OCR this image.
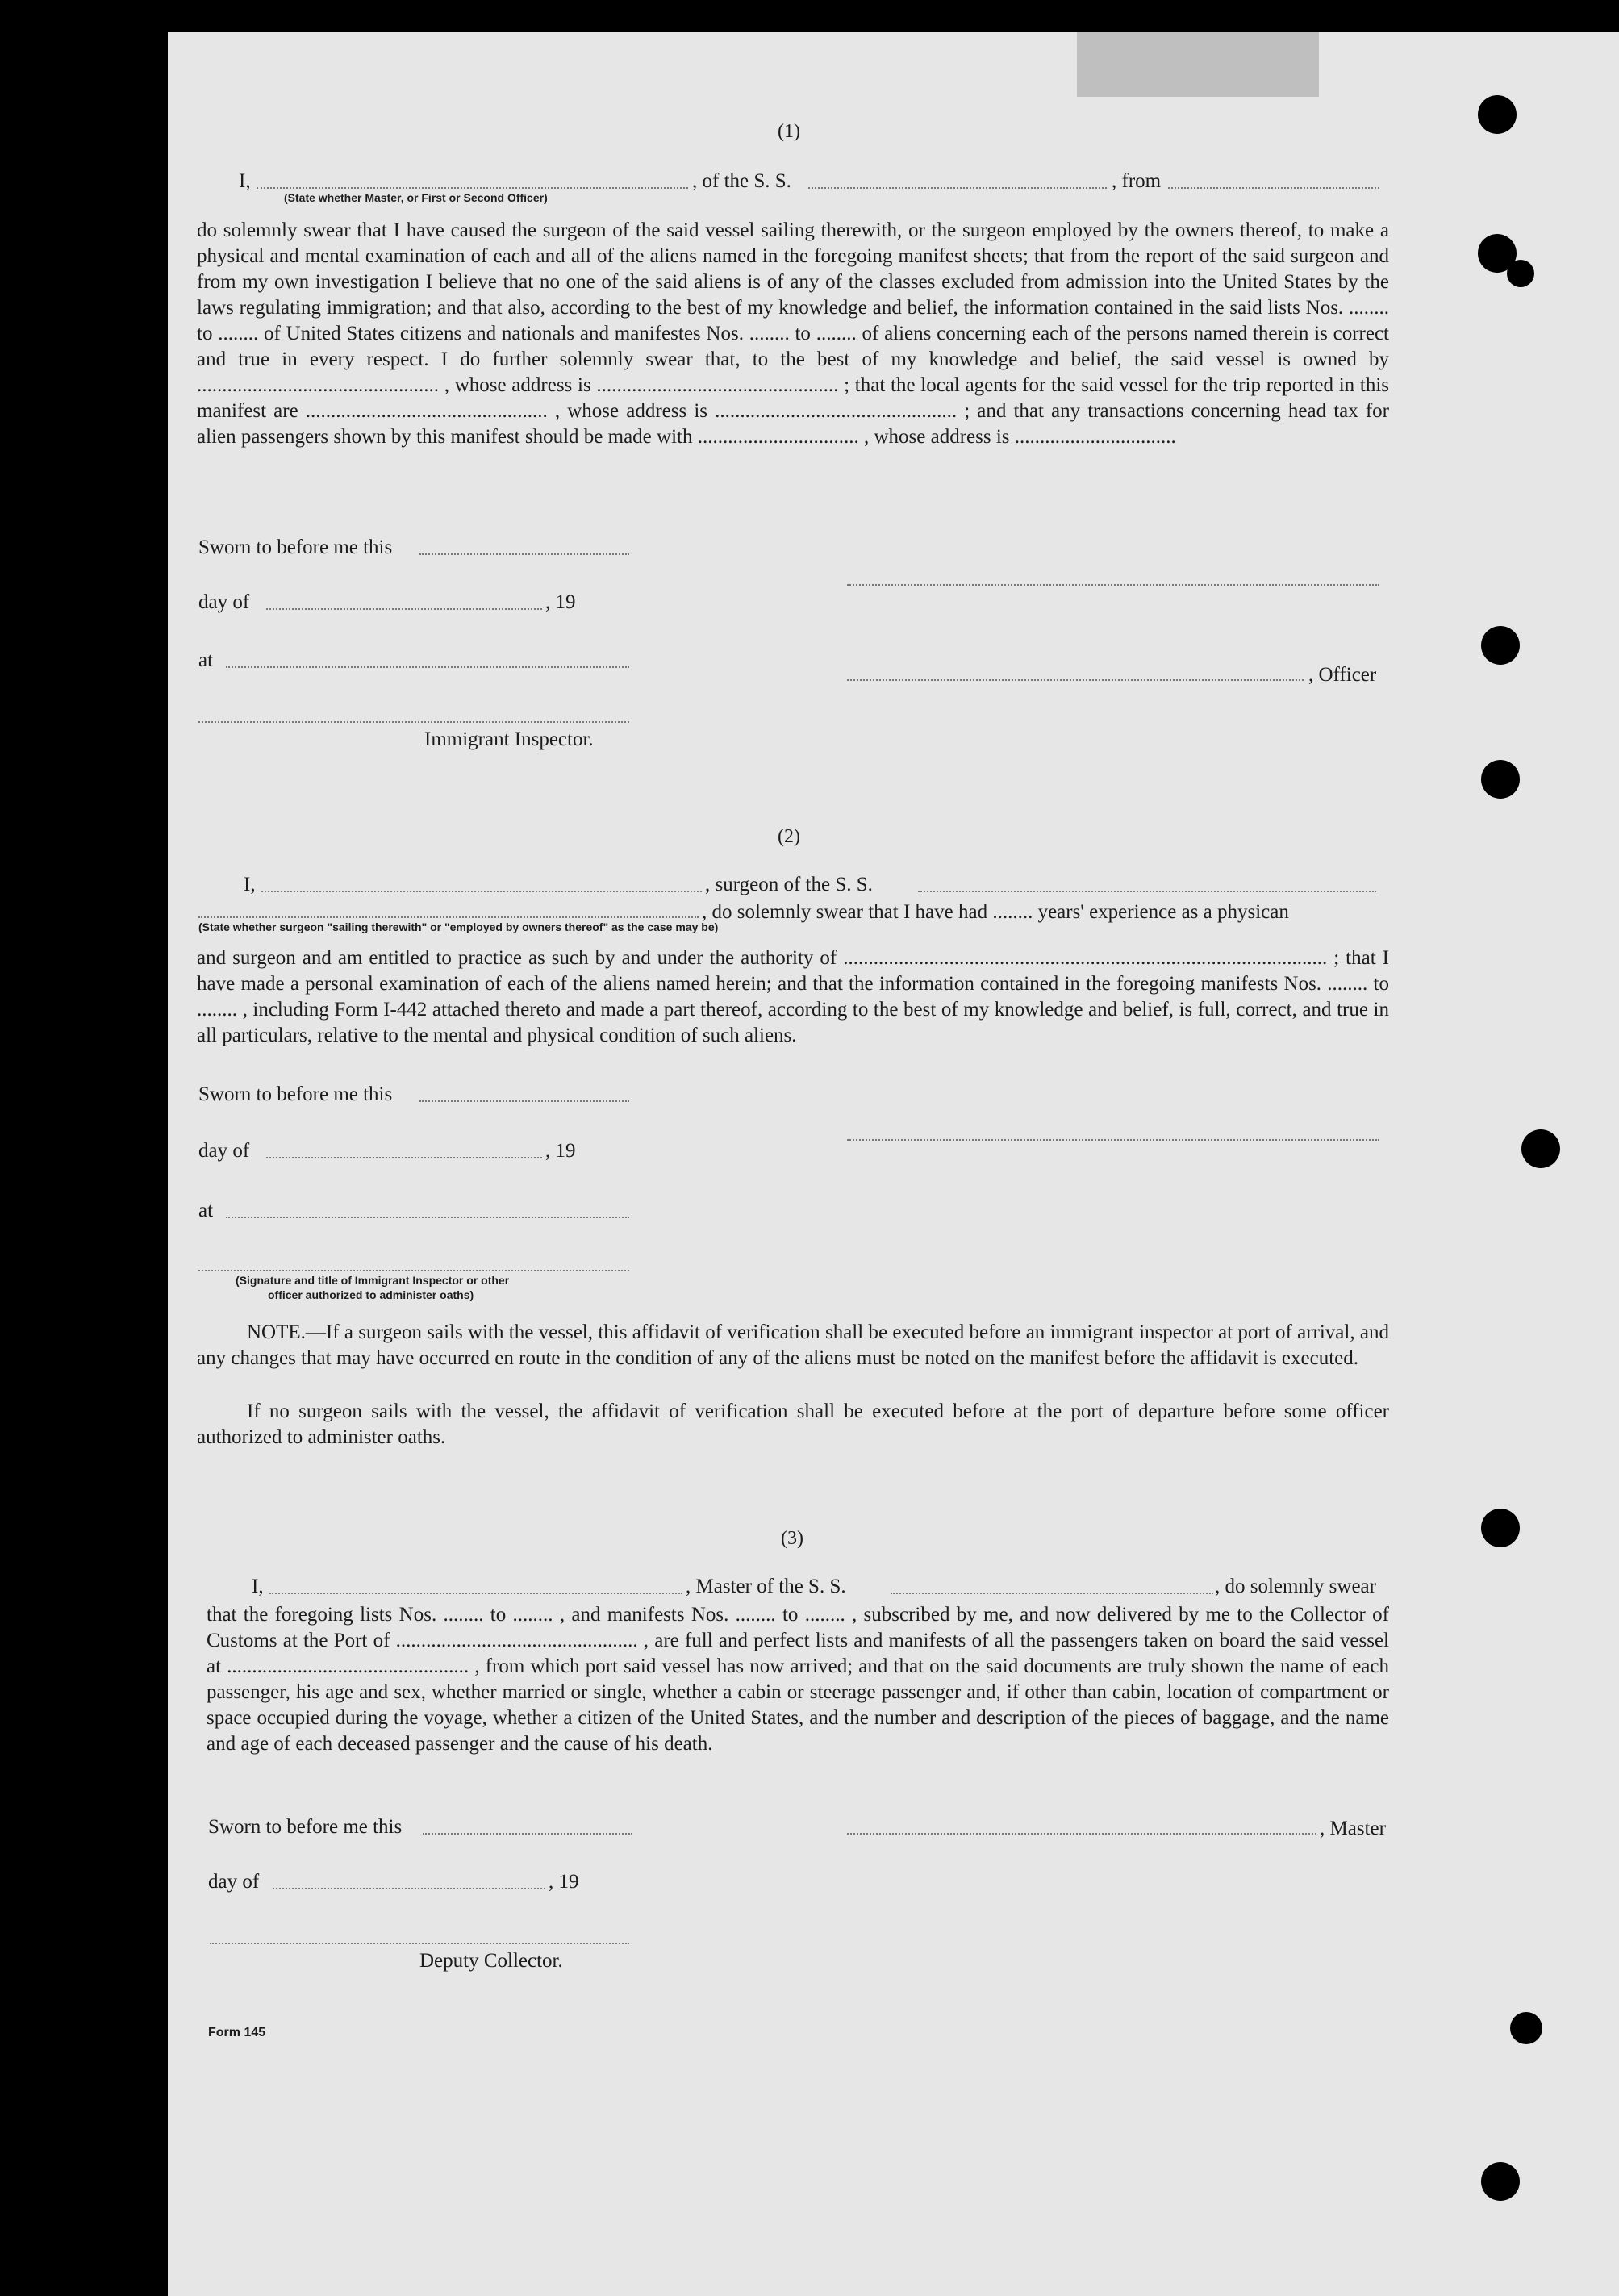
(1)
I,
(State whether Master, or First or Second Officer)
, of the S. S.	, from
do solemnly swear that I have caused the surgeon of the said vessel sailing therewith, or the surgeon employed by the owners thereof, to make a physical and mental examination of each and all of the aliens named in the foregoing manifest sheets; that from the report of the said surgeon and from my own investigation I believe that no one of the said aliens is of any of the classes excluded from admission into the United States by the laws regulating immigration; and that also, according to the best of my knowledge and belief, the information contained in the said lists Nos. ........ to ........ of United States citizens and nationals and manifestes Nos. ........ to ........ of aliens concerning each of the persons named therein is correct and true in every respect. I do further solemnly swear that, to the best of my knowledge and belief, the said vessel is owned by ................................................ , whose address is ................................................ ; that the local agents for the said vessel for the trip reported in this manifest are ................................................ , whose address is ................................................ ; and that any transactions concerning head tax for alien passengers shown by this manifest should be made with ................................ , whose address is ................................
Sworn to before me this
day of	, 19
at
, Officer
Immigrant Inspector.
(2)
I,	, surgeon of the S. S.
, do solemnly swear that I have had ........ years' experience as a physican
(State whether surgeon "sailing therewith" or "employed by owners thereof" as the case may be)
and surgeon and am entitled to practice as such by and under the authority of ................................................................................................ ; that I have made a personal examination of each of the aliens named herein; and that the information contained in the foregoing manifests Nos. ........ to ........ , including Form I-442 attached thereto and made a part thereof, according to the best of my knowledge and belief, is full, correct, and true in all particulars, relative to the mental and physical condition of such aliens.
Sworn to before me this
day of	, 19
at
(Signature and title of Immigrant Inspector or other
officer authorized to administer oaths)
NOTE.—If a surgeon sails with the vessel, this affidavit of verification shall be executed before an immigrant inspector at port of arrival, and any changes that may have occurred en route in the condition of any of the aliens must be noted on the manifest before the affidavit is executed.
If no surgeon sails with the vessel, the affidavit of verification shall be executed before at the port of departure before some officer authorized to administer oaths.
(3)
I,	, Master of the S. S.	, do solemnly swear
that the foregoing lists Nos. ........ to ........ , and manifests Nos. ........ to ........ , subscribed by me, and now delivered by me to the Collector of Customs at the Port of ................................................ , are full and perfect lists and manifests of all the passengers taken on board the said vessel at ................................................ , from which port said vessel has now arrived; and that on the said documents are truly shown the name of each passenger, his age and sex, whether married or single, whether a cabin or steerage passenger and, if other than cabin, location of compartment or space occupied during the voyage, whether a citizen of the United States, and the number and description of the pieces of baggage, and the name and age of each deceased passenger and the cause of his death.
Sworn to before me this	, Master
day of	, 19
Deputy Collector.
Form 145
